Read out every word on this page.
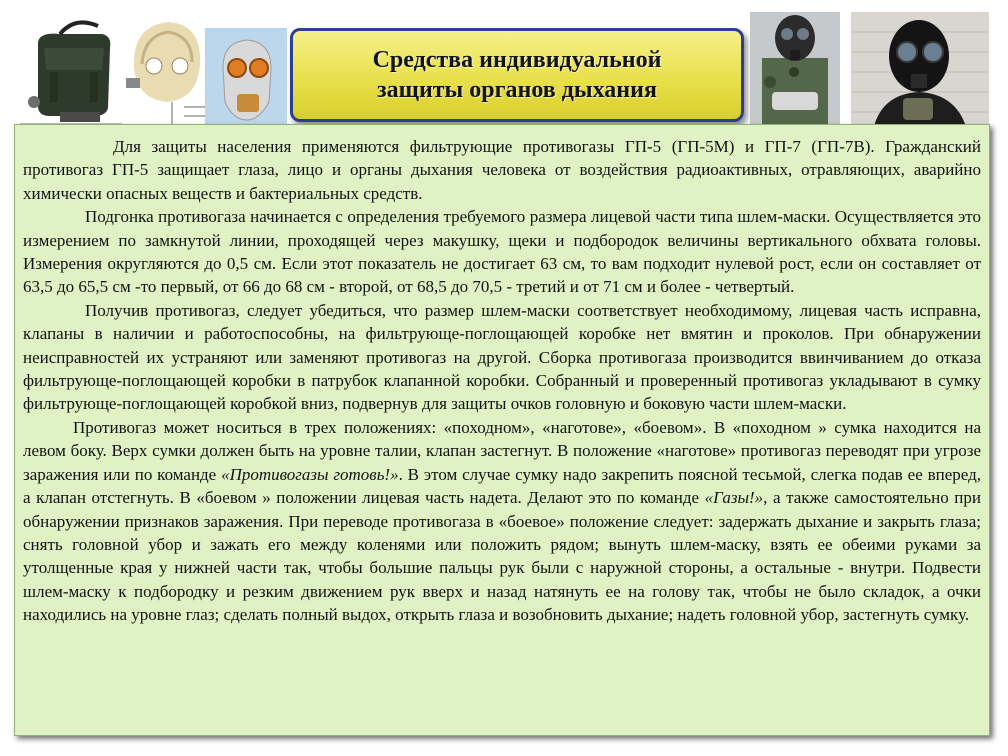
Средства индивидуальной
защиты органов дыхания

Для защиты населения применяются фильтрующие противогазы ГП-5 (ГП-5М) и ГП-7 (ГП-7В). Гражданский противогаз ГП-5 защищает глаза, лицо и органы дыхания человека от воздействия радиоактивных, отравляющих, аварийно химически опасных веществ и бактериальных средств.

Подгонка противогаза начинается с определения требуемого размера лицевой части типа шлем-маски. Осуществляется это измерением по замкнутой линии, проходящей через макушку, щеки и подбородок величины вертикального обхвата головы. Измерения округляются до 0,5 см. Если этот показатель не достигает 63 см, то вам подходит нулевой рост, если он составляет от 63,5 до 65,5 см -то первый, от 66 до 68 см - второй, от 68,5 до 70,5 - третий и от 71 см и более - четвертый.

Получив противогаз, следует убедиться, что размер шлем-маски соответствует необходимому, лицевая часть исправна, клапаны в наличии и работоспособны, на фильтрующе-поглощающей коробке нет вмятин и проколов. При обнаружении неисправностей их устраняют или заменяют противогаз на другой. Сборка противогаза производится ввинчиванием до отказа фильтрующе-поглощающей коробки в патрубок клапанной коробки. Собранный и проверенный противогаз укладывают в сумку фильтрующе-поглощающей коробкой вниз, подвернув для защиты очков головную и боковую части шлем-маски.

Противогаз может носиться в трех положениях: «походном», «наготове», «боевом». В «походном » сумка находится на левом боку. Верх сумки должен быть на уровне талии, клапан застегнут. В положение «наготове» противогаз переводят при угрозе заражения или по команде «Противогазы готовь!». В этом случае сумку надо закрепить поясной тесьмой, слегка подав ее вперед, а клапан отстегнуть. В «боевом » положении лицевая часть надета. Делают это по команде «Газы!», а также самостоятельно при обнаружении признаков заражения. При переводе противогаза в «боевое» положение следует: задержать дыхание и закрыть глаза; снять головной убор и зажать его между коленями или положить рядом; вынуть шлем-маску, взять ее обеими руками за утолщенные края у нижней части так, чтобы большие пальцы рук были с наружной стороны, а остальные - внутри. Подвести шлем-маску к подбородку и резким движением рук вверх и назад натянуть ее на голову так, чтобы не было складок, а очки находились на уровне глаз; сделать полный выдох, открыть глаза и возобновить дыхание; надеть головной убор, застегнуть сумку.
